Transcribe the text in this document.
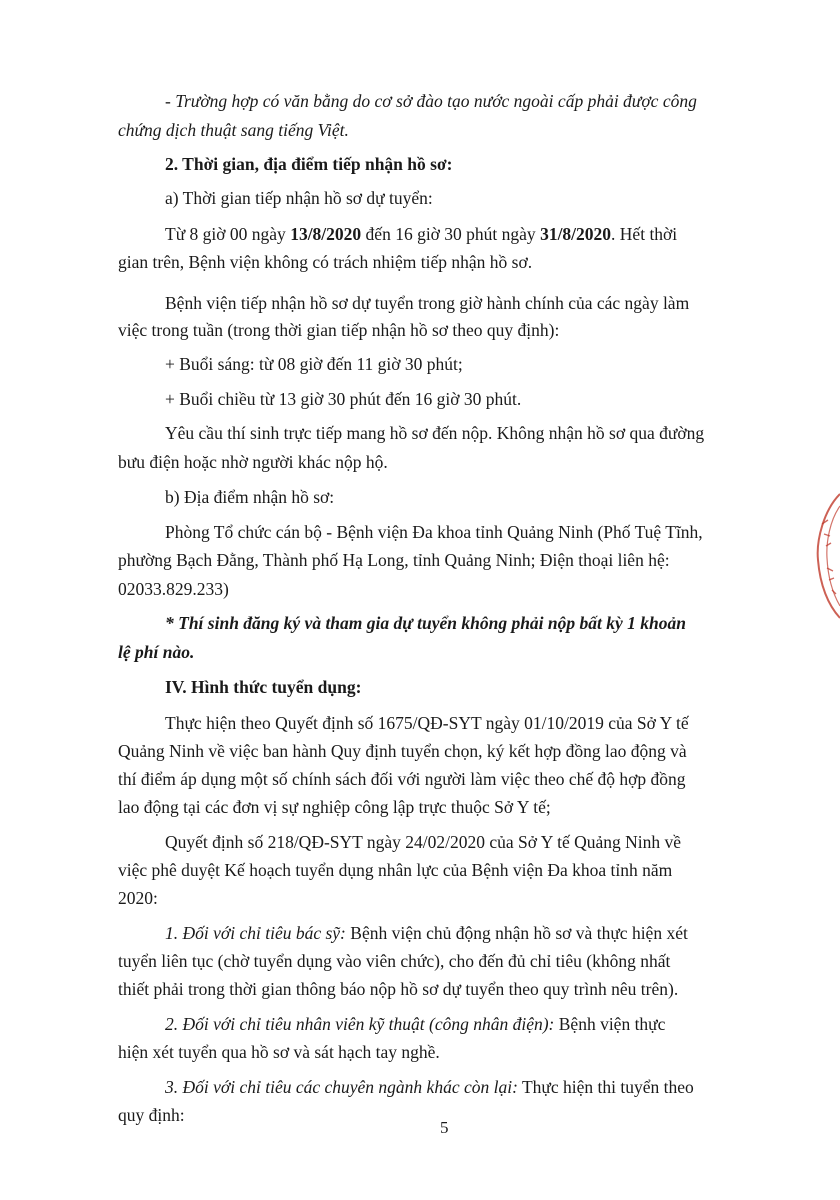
- Trường hợp có văn bằng do cơ sở đào tạo nước ngoài cấp phải được công

chứng dịch thuật sang tiếng Việt.

2. Thời gian, địa điểm tiếp nhận hồ sơ:

a) Thời gian tiếp nhận hồ sơ dự tuyển:

Từ 8 giờ 00 ngày 13/8/2020 đến 16 giờ 30 phút ngày 31/8/2020. Hết thời

gian trên, Bệnh viện không có trách nhiệm tiếp nhận hồ sơ.

Bệnh viện tiếp nhận hồ sơ dự tuyển trong giờ hành chính của các ngày làm

việc trong tuần (trong thời gian tiếp nhận hồ sơ theo quy định):

+ Buổi sáng: từ 08 giờ đến 11 giờ 30 phút;

+ Buổi chiều từ 13 giờ 30 phút đến 16 giờ 30 phút.

Yêu cầu thí sinh trực tiếp mang hồ sơ đến nộp. Không nhận hồ sơ qua đường

bưu điện hoặc nhờ người khác nộp hộ.

b) Địa điểm nhận hồ sơ:

Phòng Tổ chức cán bộ - Bệnh viện Đa khoa tỉnh Quảng Ninh (Phố Tuệ Tĩnh,

phường Bạch Đằng, Thành phố Hạ Long, tỉnh Quảng Ninh; Điện thoại liên hệ:

02033.829.233)

* Thí sinh đăng ký và tham gia dự tuyển không phải nộp bất kỳ 1 khoản

lệ phí nào.

IV. Hình thức tuyển dụng:

Thực hiện theo Quyết định số 1675/QĐ-SYT ngày 01/10/2019 của Sở Y tế

Quảng Ninh về việc ban hành Quy định tuyển chọn, ký kết hợp đồng lao động và

thí điểm áp dụng một số chính sách đối với người làm việc theo chế độ hợp đồng

lao động tại các đơn vị sự nghiệp công lập trực thuộc Sở Y tế;

Quyết định số 218/QĐ-SYT ngày 24/02/2020 của Sở Y tế Quảng Ninh về

việc phê duyệt Kế hoạch tuyển dụng nhân lực của Bệnh viện Đa khoa tỉnh năm

2020:

1. Đối với chỉ tiêu bác sỹ: Bệnh viện chủ động nhận hồ sơ và thực hiện xét

tuyển liên tục (chờ tuyển dụng vào viên chức), cho đến đủ chỉ tiêu (không nhất

thiết phải trong thời gian thông báo nộp hồ sơ dự tuyển theo quy trình nêu trên).

2. Đối với chỉ tiêu nhân viên kỹ thuật (công nhân điện): Bệnh viện thực

hiện xét tuyển qua hồ sơ và sát hạch tay nghề.

3. Đối với chỉ tiêu các chuyên ngành khác còn lại: Thực hiện thi tuyển theo

quy định:

5
